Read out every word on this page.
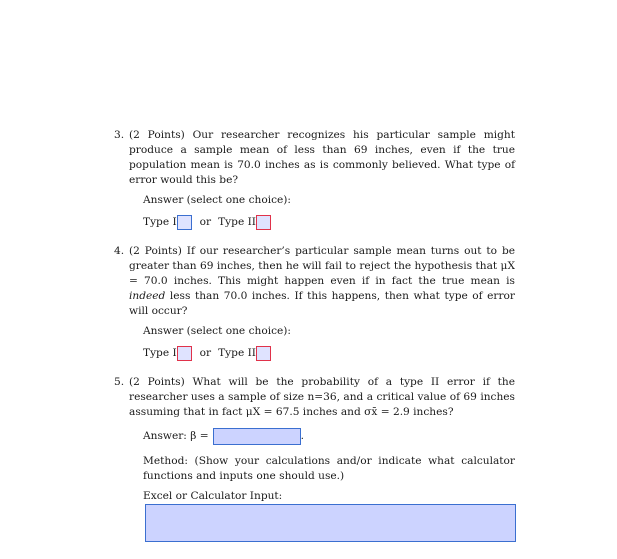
3. (2 Points) Our researcher recognizes his particular sample might produce a sample mean of less than 69 inches, even if the true population mean is 70.0 inches as is commonly believed. What type of error would this be?

Answer (select one choice):

Type I or Type II

4. (2 Points) If our researcher’s particular sample mean turns out to be greater than 69 inches, then he will fail to reject the hypothesis that μX = 70.0 inches. This might happen even if in fact the true mean is indeed less than 70.0 inches. If this happens, then what type of error will occur?

Answer (select one choice):

Type I or Type II

5. (2 Points) What will be the probability of a type II error if the researcher uses a sample of size n=36, and a critical value of 69 inches assuming that in fact μX = 67.5 inches and σx̄ = 2.9 inches?

Answer: β =	.

Method: (Show your calculations and/or indicate what calculator functions and inputs one should use.)

Excel or Calculator Input:
